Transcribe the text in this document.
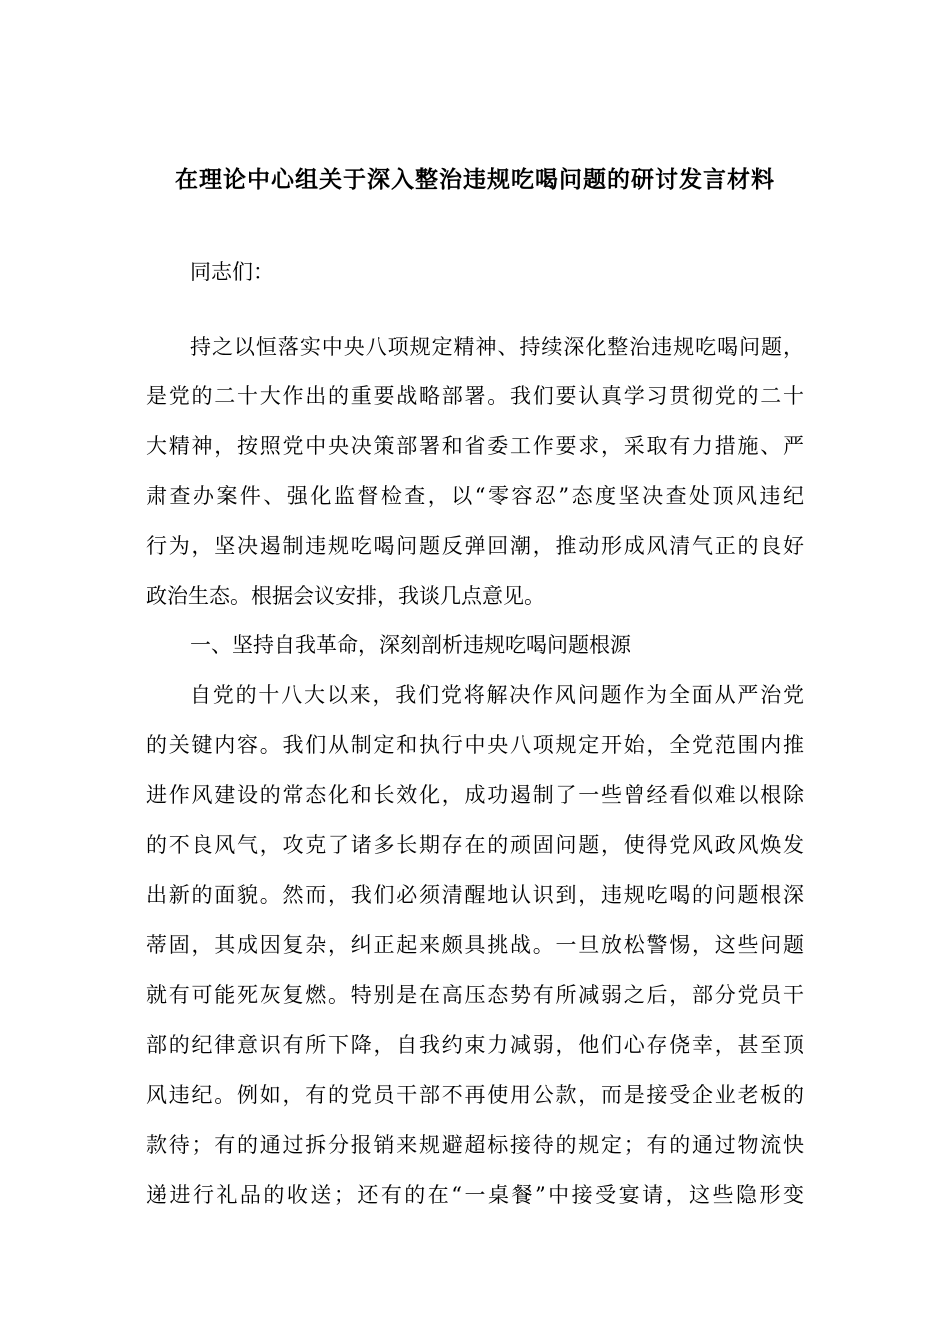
在理论中心组关于深入整治违规吃喝问题的研讨发言材料

同志们：

持之以恒落实中央八项规定精神、持续深化整治违规吃喝问题，

是党的二十大作出的重要战略部署。我们要认真学习贯彻党的二十

大精神，按照党中央决策部署和省委工作要求，采取有力措施、严

肃查办案件、强化监督检查，以“零容忍”态度坚决查处顶风违纪

行为，坚决遏制违规吃喝问题反弹回潮，推动形成风清气正的良好

政治生态。根据会议安排，我谈几点意见。

一、坚持自我革命，深刻剖析违规吃喝问题根源

自党的十八大以来，我们党将解决作风问题作为全面从严治党

的关键内容。我们从制定和执行中央八项规定开始，全党范围内推

进作风建设的常态化和长效化，成功遏制了一些曾经看似难以根除

的不良风气，攻克了诸多长期存在的顽固问题，使得党风政风焕发

出新的面貌。然而，我们必须清醒地认识到，违规吃喝的问题根深

蒂固，其成因复杂，纠正起来颇具挑战。一旦放松警惕，这些问题

就有可能死灰复燃。特别是在高压态势有所减弱之后，部分党员干

部的纪律意识有所下降，自我约束力减弱，他们心存侥幸，甚至顶

风违纪。例如，有的党员干部不再使用公款，而是接受企业老板的

款待；有的通过拆分报销来规避超标接待的规定；有的通过物流快

递进行礼品的收送；还有的在“一桌餐”中接受宴请，这些隐形变
